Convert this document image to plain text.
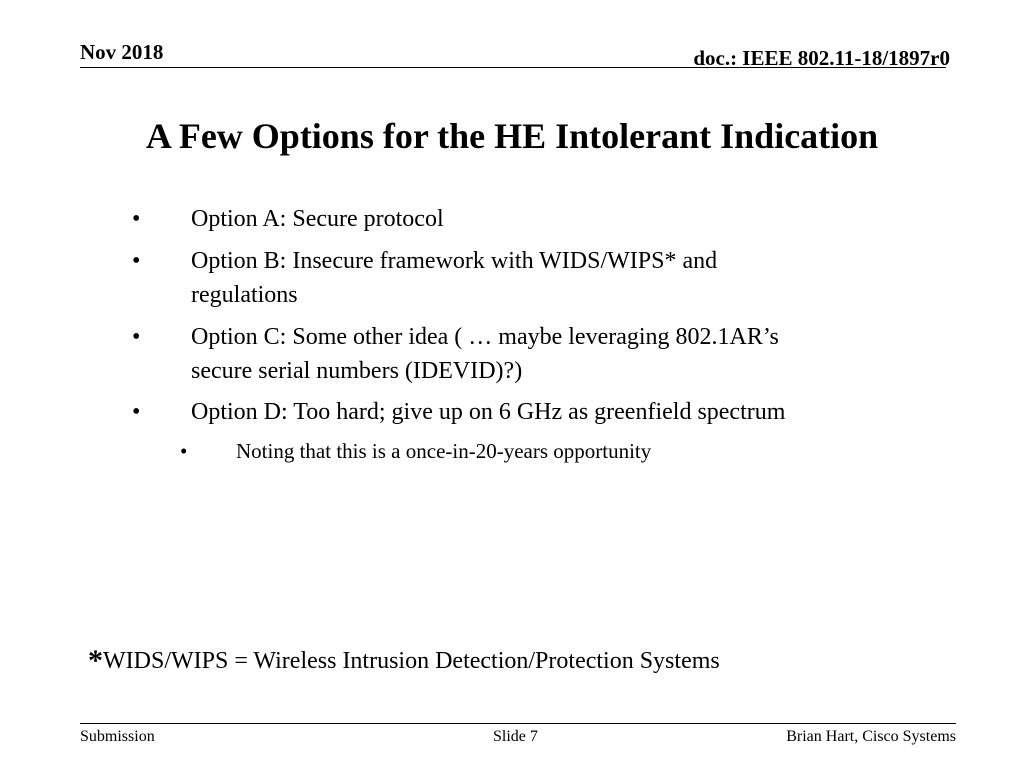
Nov 2018	doc.: IEEE 802.11-18/1897r0
A Few Options for the HE Intolerant Indication
• Option A: Secure protocol
• Option B: Insecure framework with WIDS/WIPS* and
regulations
• Option C: Some other idea ( … maybe leveraging 802.1AR’s
secure serial numbers (IDEVID)?)
• Option D: Too hard; give up on 6 GHz as greenfield spectrum
• Noting that this is a once-in-20-years opportunity
*WIDS/WIPS = Wireless Intrusion Detection/Protection Systems
Submission	Slide 7	Brian Hart, Cisco Systems
